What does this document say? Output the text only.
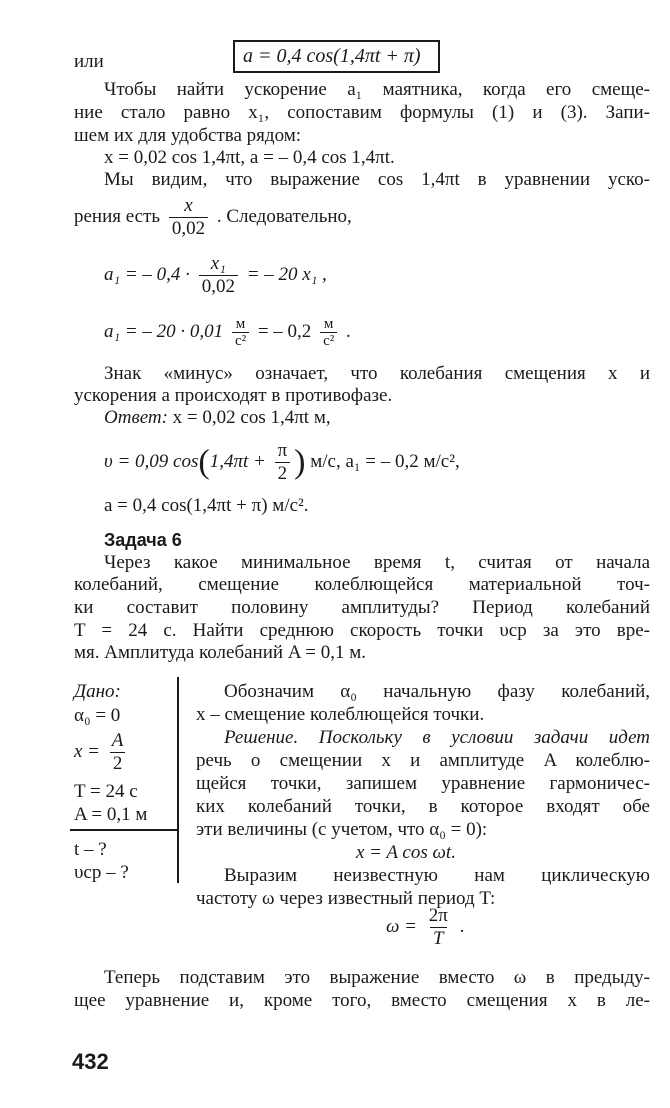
или	a = 0,4 cos(1,4πt + π)
Чтобы найти ускорение a₁ маятника, когда его смеще-
ние стало равно x₁, сопоставим формулы (1) и (3). Запи-
шем их для удобства рядом:
x = 0,02 cos 1,4πt, a = – 0,4 cos 1,4πt.
Мы видим, что выражение cos 1,4πt в уравнении уско-
рения есть $\frac{x}{0,02}$ . Следовательно,
a₁ = – $0,4 \cdot \frac{\text{x₁}}{0,02}$ = – 20 x₁ ,
a₁ = – $20 \cdot 0,01 \frac{м}{\text{с²}}$ = – $0,2 \frac{м}{\text{с²}}$ .
Знак «минус» означает, что колебания смещения x и
ускорения a происходят в противофазе.
Ответ: x = 0,02 cos 1,4πt м,
υ = 0,09 $\cos(1,4\pi t + \frac{\pi}{2}$ ) м/с, a₁ = – 0,2 м/с²,
a = 0,4 cos(1,4πt + π) м/с².
Задача 6
Через какое минимальное время t, считая от начала
колебаний, смещение колеблющейся материальной точ-
ки составит половину амплитуды? Период колебаний
T = 24 с. Найти среднюю скорость точки υср за это вре-
мя. Амплитуда колебаний A = 0,1 м.
Дано:
α₀ = 0
$x = \frac{A}{2}$
T = 24 с
A = 0,1 м
t – ?
υср – ?
Обозначим α₀ начальную фазу колебаний,
x – смещение колеблющейся точки.
Решение. Поскольку в условии задачи идет
речь о смещении x и амплитуде A колеблю-
щейся точки, запишем уравнение гармоничес-
ких колебаний точки, в которое входят обе
эти величины (с учетом, что α₀ = 0):
x = A cos ωt.
Выразим неизвестную нам циклическую
частоту ω через известный период T:
$\omega = \frac{2\pi}{T}$ .
Теперь подставим это выражение вместо ω в предыду-
щее уравнение и, кроме того, вместо смещения x в ле-
432
